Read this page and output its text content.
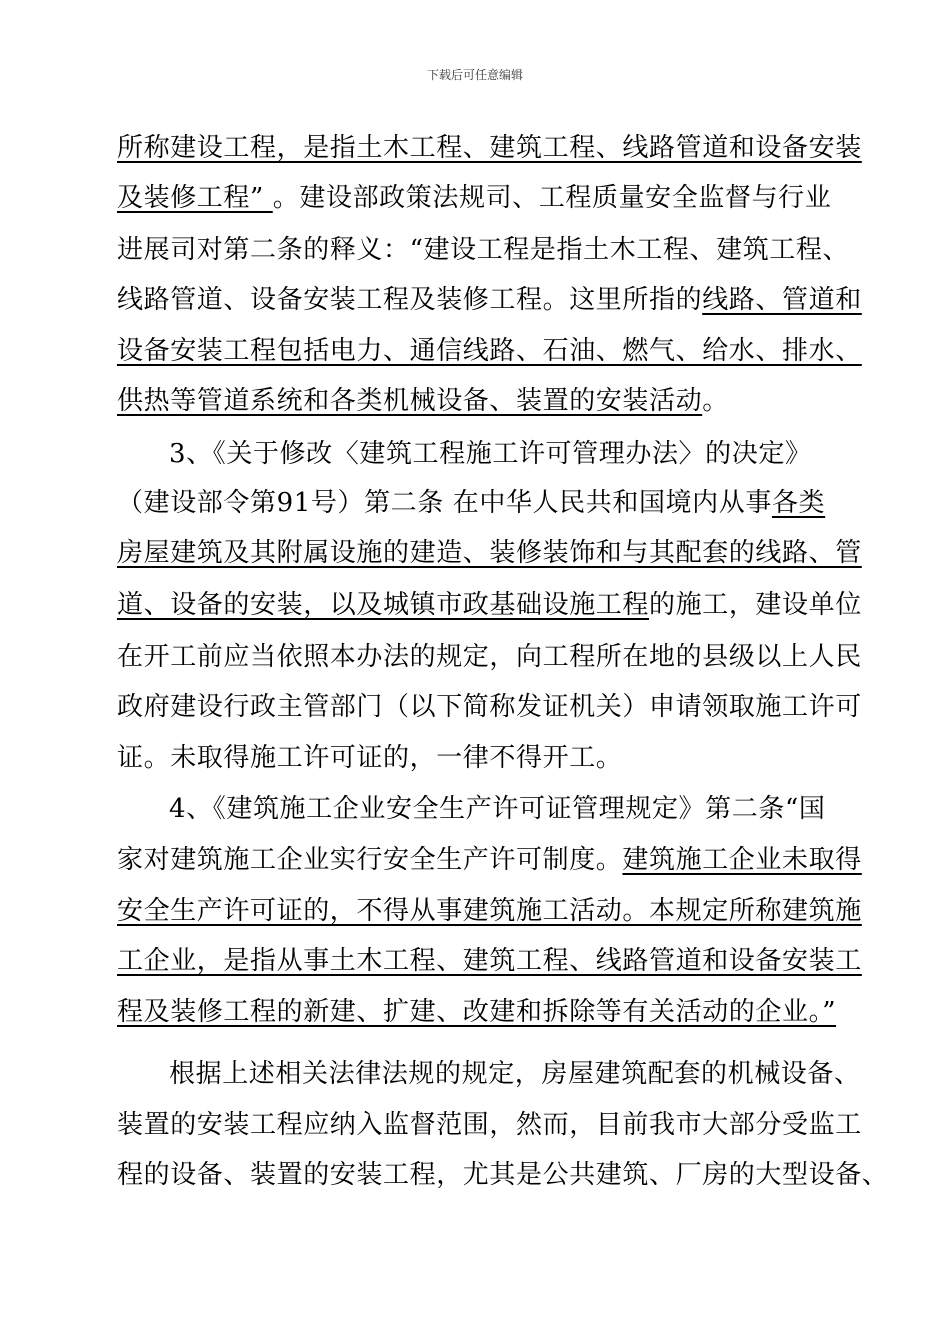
下载后可任意编辑
所称建设工程，是指土木工程、建筑工程、线路管道和设备安装
及装修工程” 。建设部政策法规司、工程质量安全监督与行业
进展司对第二条的释义：“建设工程是指土木工程、建筑工程、
线路管道、设备安装工程及装修工程。这里所指的线路、管道和
设备安装工程包括电力、通信线路、石油、燃气、给水、排水、
供热等管道系统和各类机械设备、装置的安装活动。
3、《关于修改〈建筑工程施工许可管理办法〉的决定》
（建设部令第91号）第二条 在中华人民共和国境内从事各类
房屋建筑及其附属设施的建造、装修装饰和与其配套的线路、管
道、设备的安装，以及城镇市政基础设施工程的施工，建设单位
在开工前应当依照本办法的规定，向工程所在地的县级以上人民
政府建设行政主管部门（以下简称发证机关）申请领取施工许可
证。未取得施工许可证的，一律不得开工。
4、《建筑施工企业安全生产许可证管理规定》第二条“国
家对建筑施工企业实行安全生产许可制度。建筑施工企业未取得
安全生产许可证的，不得从事建筑施工活动。本规定所称建筑施
工企业，是指从事土木工程、建筑工程、线路管道和设备安装工
程及装修工程的新建、扩建、改建和拆除等有关活动的企业。”
根据上述相关法律法规的规定，房屋建筑配套的机械设备、
装置的安装工程应纳入监督范围，然而，目前我市大部分受监工
程的设备、装置的安装工程，尤其是公共建筑、厂房的大型设备、
